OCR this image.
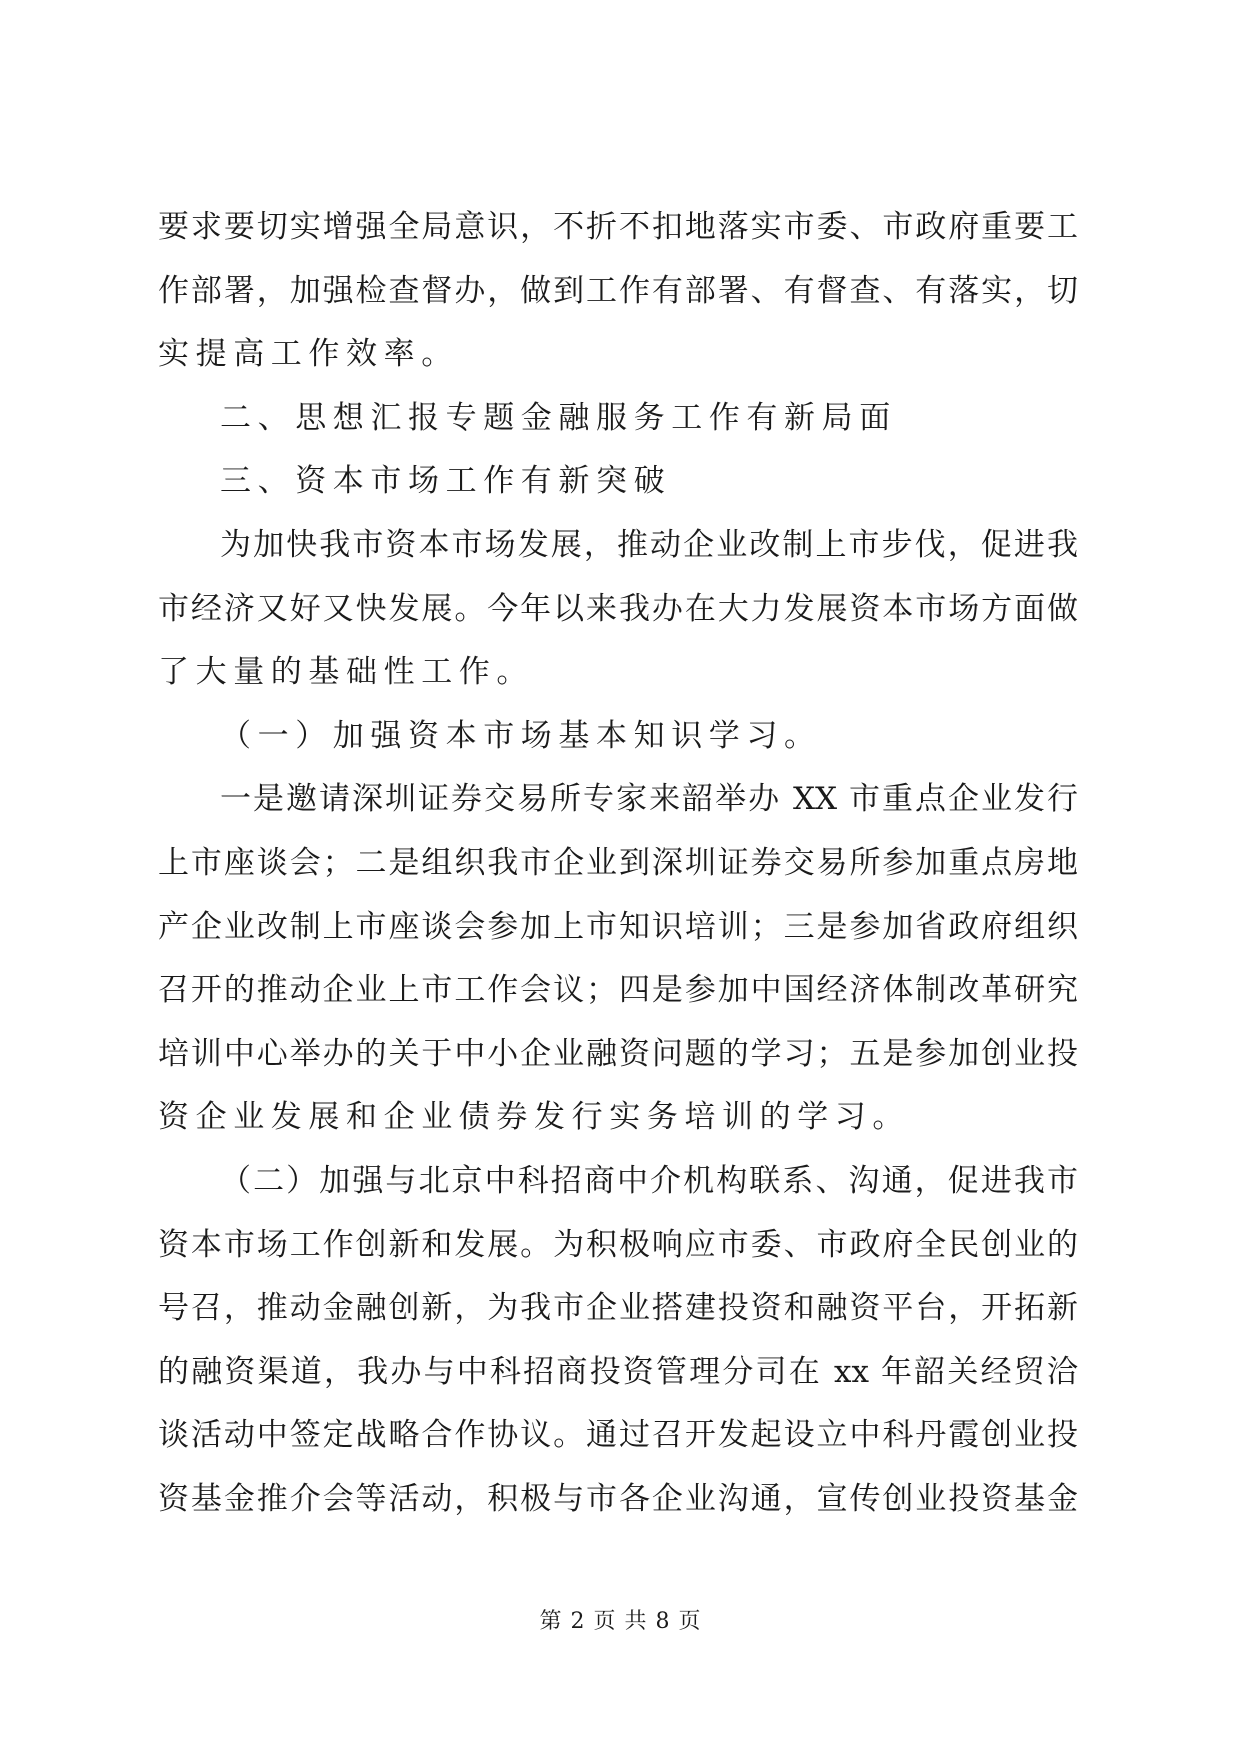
要求要切实增强全局意识，不折不扣地落实市委、市政府重要工
作部署，加强检查督办，做到工作有部署、有督查、有落实，切
实提高工作效率。
二、思想汇报专题金融服务工作有新局面
三、资本市场工作有新突破
为加快我市资本市场发展，推动企业改制上市步伐，促进我
市经济又好又快发展。今年以来我办在大力发展资本市场方面做
了大量的基础性工作。
（一）加强资本市场基本知识学习。
一是邀请深圳证券交易所专家来韶举办 XX 市重点企业发行
上市座谈会；二是组织我市企业到深圳证券交易所参加重点房地
产企业改制上市座谈会参加上市知识培训；三是参加省政府组织
召开的推动企业上市工作会议；四是参加中国经济体制改革研究
培训中心举办的关于中小企业融资问题的学习；五是参加创业投
资企业发展和企业债券发行实务培训的学习。
（二）加强与北京中科招商中介机构联系、沟通，促进我市
资本市场工作创新和发展。为积极响应市委、市政府全民创业的
号召，推动金融创新，为我市企业搭建投资和融资平台，开拓新
的融资渠道，我办与中科招商投资管理分司在 xx 年韶关经贸洽
谈活动中签定战略合作协议。通过召开发起设立中科丹霞创业投
资基金推介会等活动，积极与市各企业沟通，宣传创业投资基金
第 2 页 共 8 页
